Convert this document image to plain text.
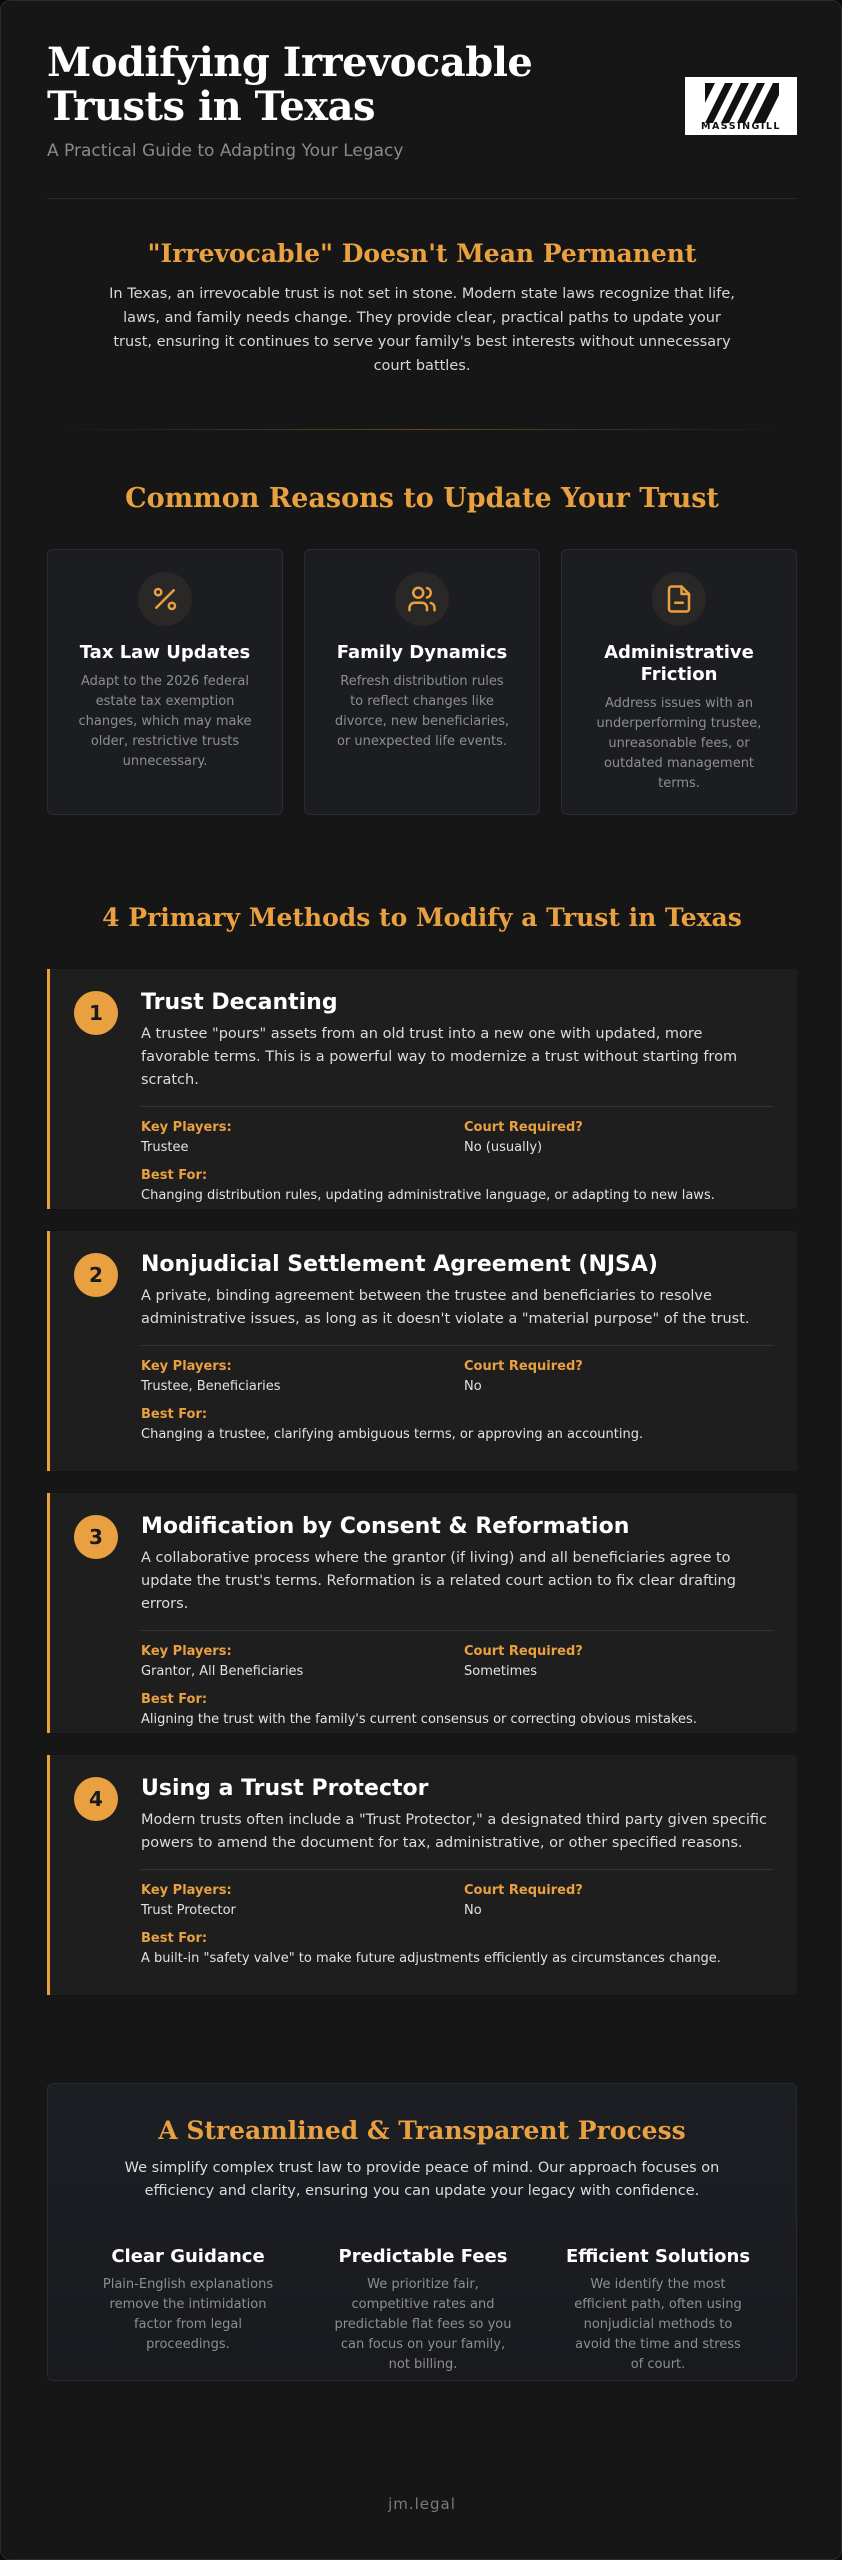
Modifying Irrevocable Trusts in Texas
A Practical Guide to Adapting Your Legacy
MASSINGILL
"Irrevocable" Doesn't Mean Permanent

In Texas, an irrevocable trust is not set in stone. Modern state laws recognize that life, laws, and family needs change. They provide clear, practical paths to update your trust, ensuring it continues to serve your family's best interests without unnecessary court battles.

Common Reasons to Update Your Trust
Tax Law Updates

Adapt to the 2026 federal estate tax exemption changes, which may make older, restrictive trusts unnecessary.

Family Dynamics

Refresh distribution rules to reflect changes like divorce, new beneficiaries, or unexpected life events.

Administrative Friction

Address issues with an underperforming trustee, unreasonable fees, or outdated management terms.

4 Primary Methods to Modify a Trust in Texas
1	Trust Decanting
A trustee "pours" assets from an old trust into a new one with updated, more favorable terms. This is a powerful way to modernize a trust without starting from scratch.
Key Players:
Trustee
Court Required?
No (usually)
Best For:
Changing distribution rules, updating administrative language, or adapting to new laws.
2	Nonjudicial Settlement Agreement (NJSA)
A private, binding agreement between the trustee and beneficiaries to resolve administrative issues, as long as it doesn't violate a "material purpose" of the trust.
Key Players:
Trustee, Beneficiaries
Court Required?
No
Best For:
Changing a trustee, clarifying ambiguous terms, or approving an accounting.
3	Modification by Consent & Reformation
A collaborative process where the grantor (if living) and all beneficiaries agree to update the trust's terms. Reformation is a related court action to fix clear drafting errors.
Key Players:
Grantor, All Beneficiaries
Court Required?
Sometimes
Best For:
Aligning the trust with the family's current consensus or correcting obvious mistakes.
4	Using a Trust Protector
Modern trusts often include a "Trust Protector," a designated third party given specific powers to amend the document for tax, administrative, or other specified reasons.
Key Players:
Trust Protector
Court Required?
No
Best For:
A built-in "safety valve" to make future adjustments efficiently as circumstances change.
A Streamlined & Transparent Process

We simplify complex trust law to provide peace of mind. Our approach focuses on efficiency and clarity, ensuring you can update your legacy with confidence.

Clear Guidance

Plain-English explanations remove the intimidation factor from legal proceedings.

Predictable Fees

We prioritize fair, competitive rates and predictable flat fees so you can focus on your family, not billing.

Efficient Solutions

We identify the most efficient path, often using nonjudicial methods to avoid the time and stress of court.

jm.legal
